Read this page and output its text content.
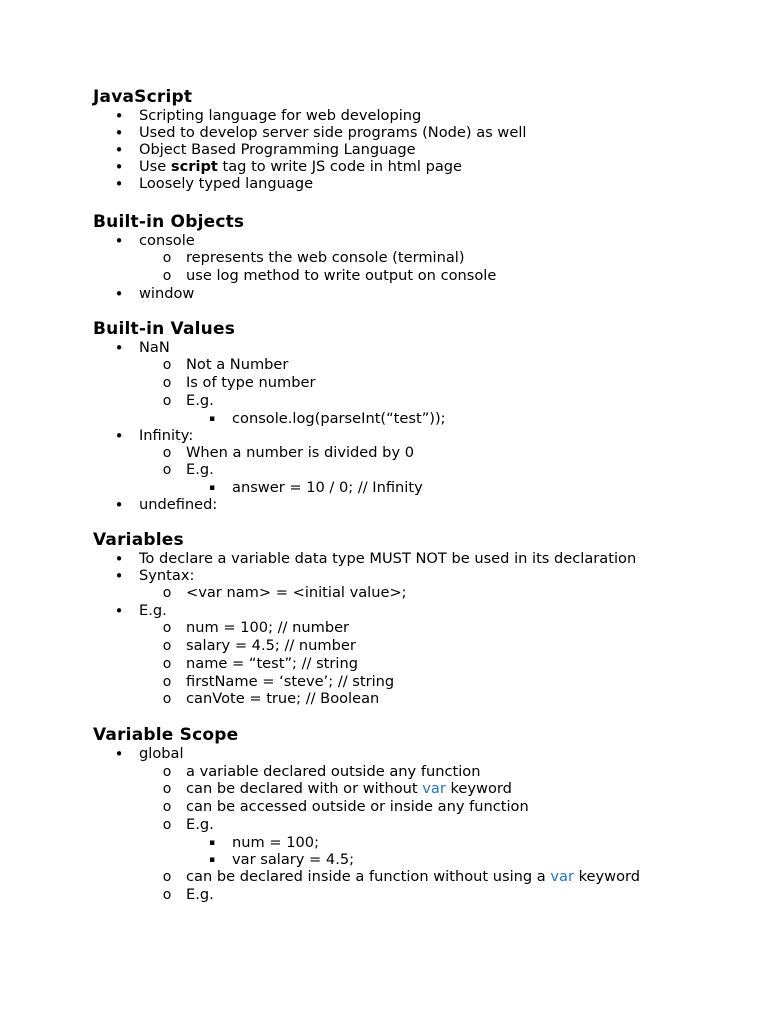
JavaScript
• Scripting language for web developing
• Used to develop server side programs (Node) as well
• Object Based Programming Language
• Use script tag to write JS code in html page
• Loosely typed language
Built-in Objects
• console
o represents the web console (terminal)
o use log method to write output on console
• window
Built-in Values
• NaN
o Not a Number
o Is of type number
o E.g.
▪ console.log(parseInt(“test”));
• Infinity:
o When a number is divided by 0
o E.g.
▪ answer = 10 / 0; // Infinity
• undefined:
Variables
• To declare a variable data type MUST NOT be used in its declaration
• Syntax:
o <var nam> = <initial value>;
• E.g.
o num = 100; // number
o salary = 4.5; // number
o name = “test”; // string
o firstName = ‘steve’; // string
o canVote = true; // Boolean
Variable Scope
• global
o a variable declared outside any function
o can be declared with or without var keyword
o can be accessed outside or inside any function
o E.g.
▪ num = 100;
▪ var salary = 4.5;
o can be declared inside a function without using a var keyword
o E.g.
